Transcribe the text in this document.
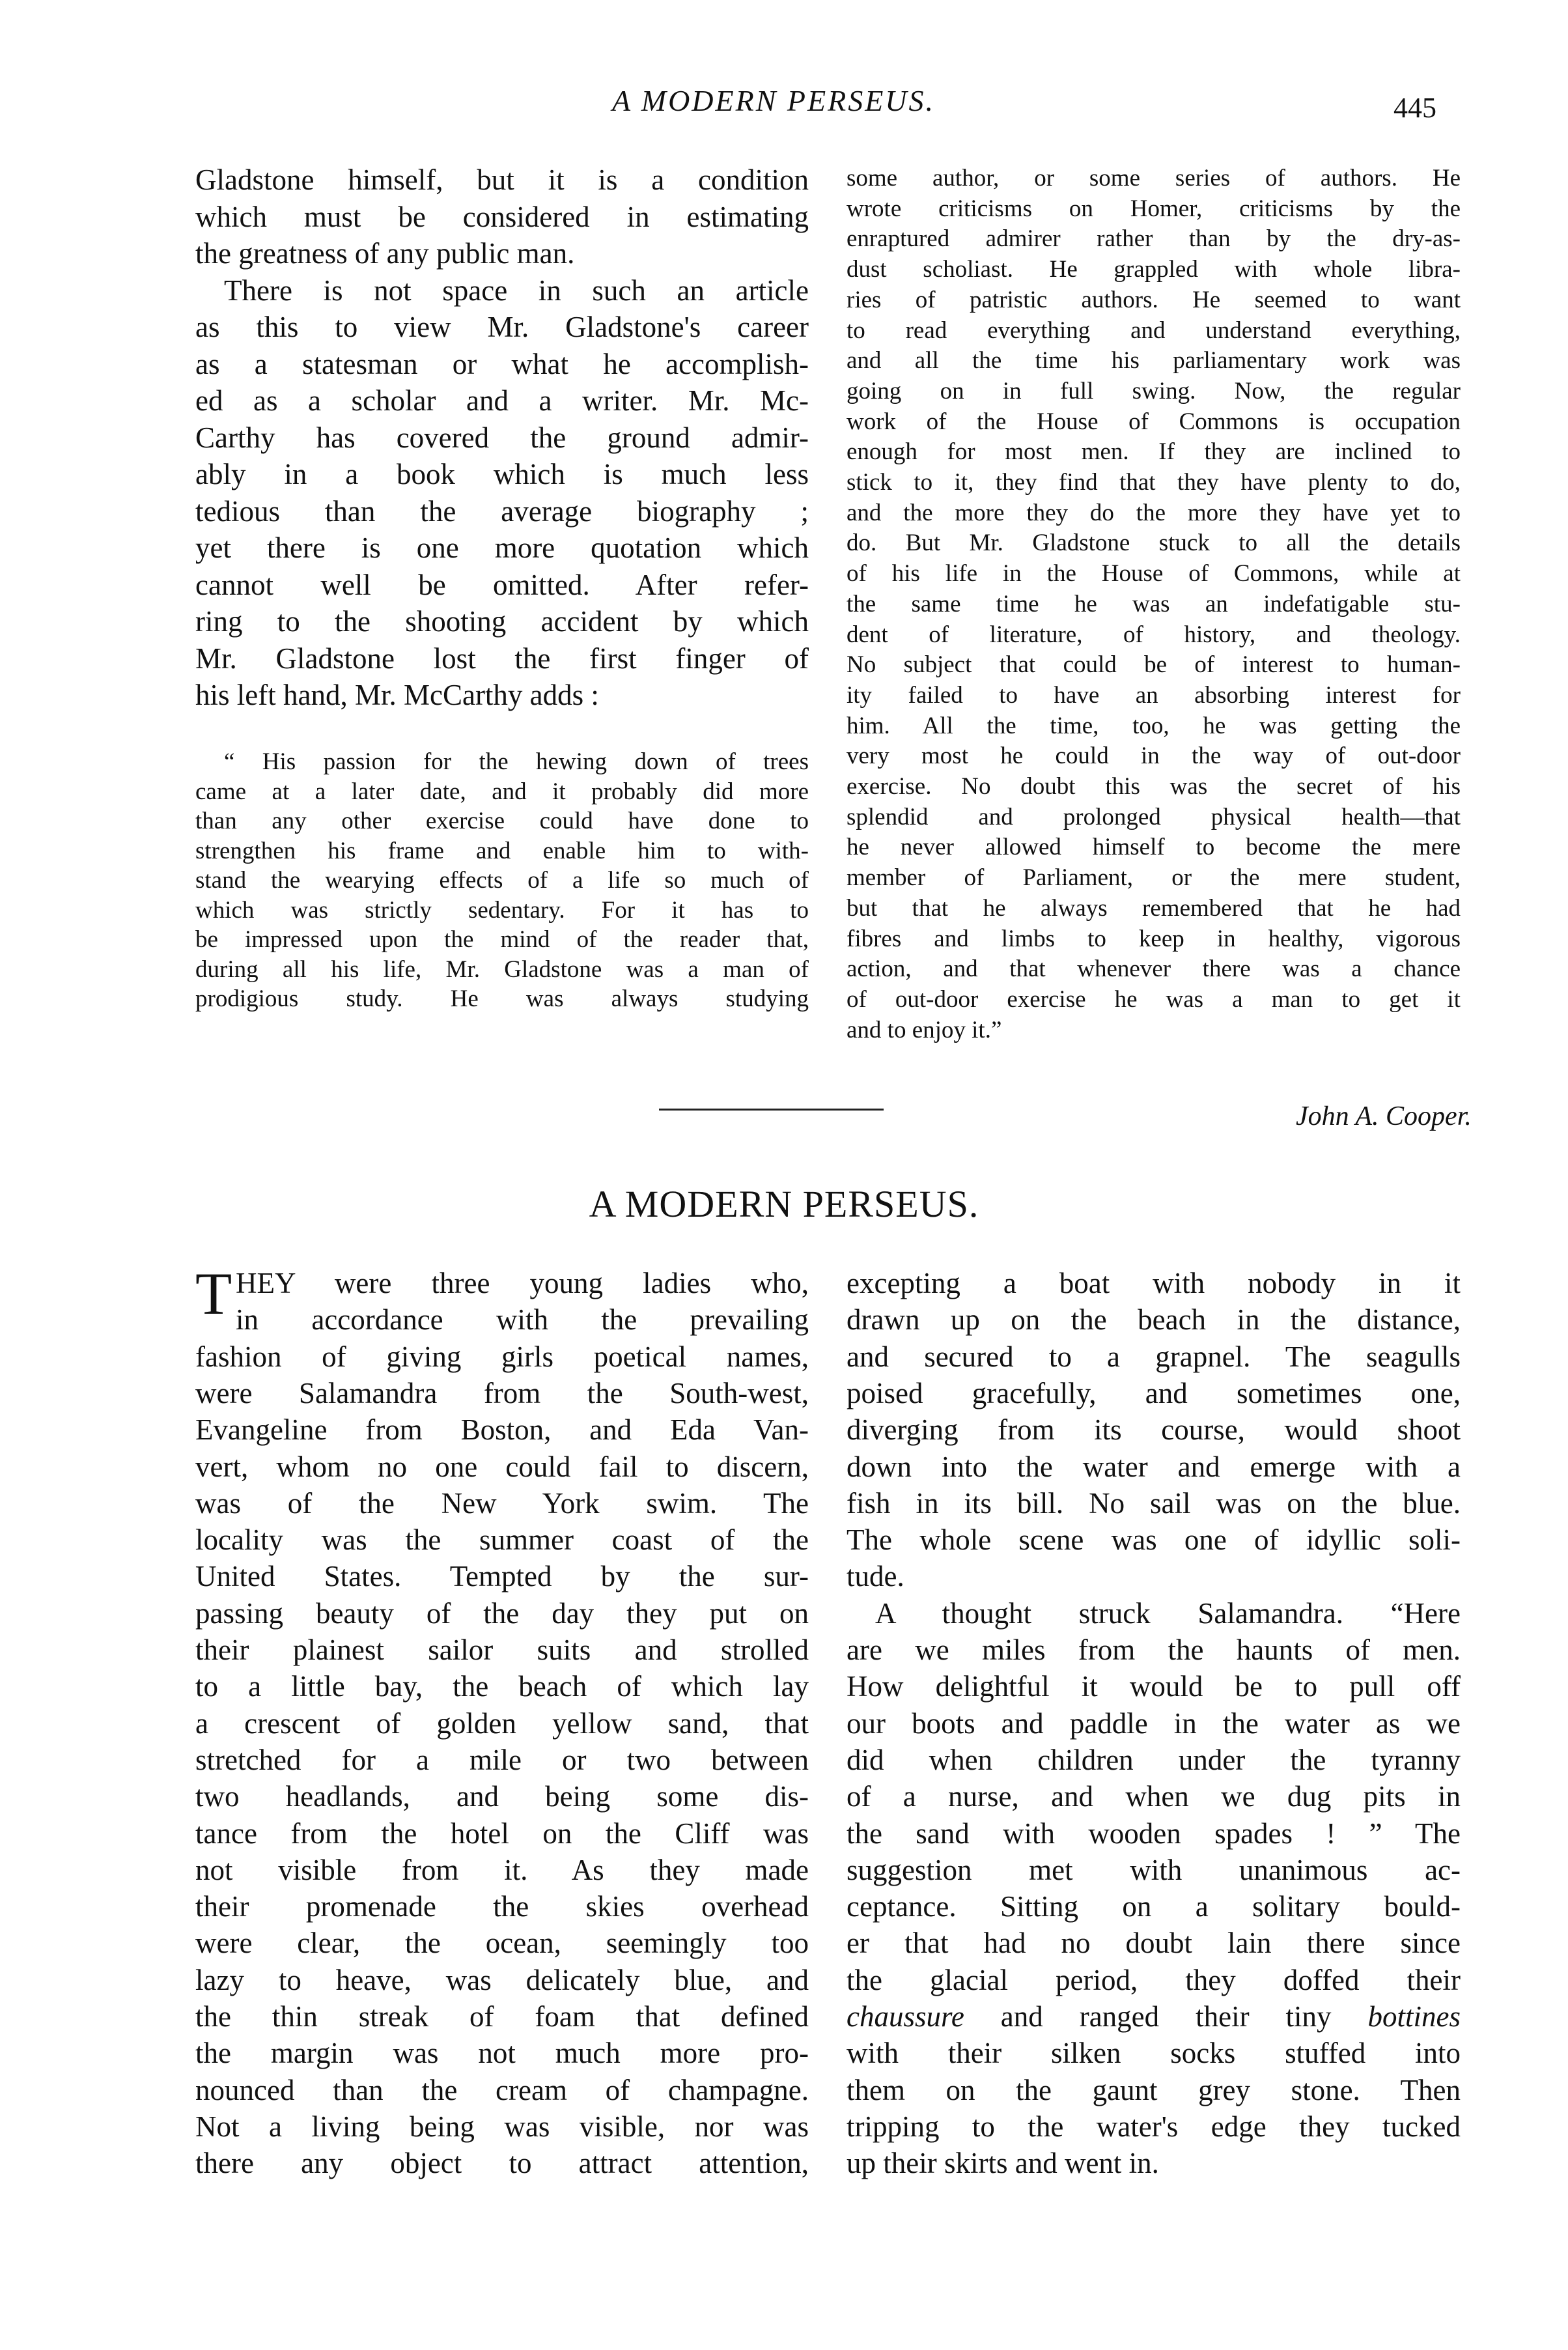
A MODERN PERSEUS.	445
Gladstone himself, but it is a condition
which must be considered in estimating
the greatness of any public man.
There is not space in such an article
as this to view Mr. Gladstone's career
as a statesman or what he accomplish-
ed as a scholar and a writer. Mr. Mc-
Carthy has covered the ground admir-
ably in a book which is much less
tedious than the average biography ;
yet there is one more quotation which
cannot well be omitted. After refer-
ring to the shooting accident by which
Mr. Gladstone lost the first finger of
his left hand, Mr. McCarthy adds :
“ His passion for the hewing down of trees
came at a later date, and it probably did more
than any other exercise could have done to
strengthen his frame and enable him to with-
stand the wearying effects of a life so much of
which was strictly sedentary. For it has to
be impressed upon the mind of the reader that,
during all his life, Mr. Gladstone was a man of
prodigious study. He was always studying
some author, or some series of authors. He
wrote criticisms on Homer, criticisms by the
enraptured admirer rather than by the dry-as-
dust scholiast. He grappled with whole libra-
ries of patristic authors. He seemed to want
to read everything and understand everything,
and all the time his parliamentary work was
going on in full swing. Now, the regular
work of the House of Commons is occupation
enough for most men. If they are inclined to
stick to it, they find that they have plenty to do,
and the more they do the more they have yet to
do. But Mr. Gladstone stuck to all the details
of his life in the House of Commons, while at
the same time he was an indefatigable stu-
dent of literature, of history, and theology.
No subject that could be of interest to human-
ity failed to have an absorbing interest for
him. All the time, too, he was getting the
very most he could in the way of out-door
exercise. No doubt this was the secret of his
splendid and prolonged physical health—that
he never allowed himself to become the mere
member of Parliament, or the mere student,
but that he always remembered that he had
fibres and limbs to keep in healthy, vigorous
action, and that whenever there was a chance
of out-door exercise he was a man to get it
and to enjoy it.”
John A. Cooper.
A MODERN PERSEUS.
T HEY were three young ladies who,
in accordance with the prevailing
fashion of giving girls poetical names,
were Salamandra from the South-west,
Evangeline from Boston, and Eda Van-
vert, whom no one could fail to discern,
was of the New York swim. The
locality was the summer coast of the
United States. Tempted by the sur-
passing beauty of the day they put on
their plainest sailor suits and strolled
to a little bay, the beach of which lay
a crescent of golden yellow sand, that
stretched for a mile or two between
two headlands, and being some dis-
tance from the hotel on the Cliff was
not visible from it. As they made
their promenade the skies overhead
were clear, the ocean, seemingly too
lazy to heave, was delicately blue, and
the thin streak of foam that defined
the margin was not much more pro-
nounced than the cream of champagne.
Not a living being was visible, nor was
there any object to attract attention,
excepting a boat with nobody in it
drawn up on the beach in the distance,
and secured to a grapnel. The seagulls
poised gracefully, and sometimes one,
diverging from its course, would shoot
down into the water and emerge with a
fish in its bill. No sail was on the blue.
The whole scene was one of idyllic soli-
tude.
A thought struck Salamandra. “Here
are we miles from the haunts of men.
How delightful it would be to pull off
our boots and paddle in the water as we
did when children under the tyranny
of a nurse, and when we dug pits in
the sand with wooden spades ! ” The
suggestion met with unanimous ac-
ceptance. Sitting on a solitary bould-
er that had no doubt lain there since
the glacial period, they doffed their
chaussure and ranged their tiny bottines
with their silken socks stuffed into
them on the gaunt grey stone. Then
tripping to the water's edge they tucked
up their skirts and went in.
